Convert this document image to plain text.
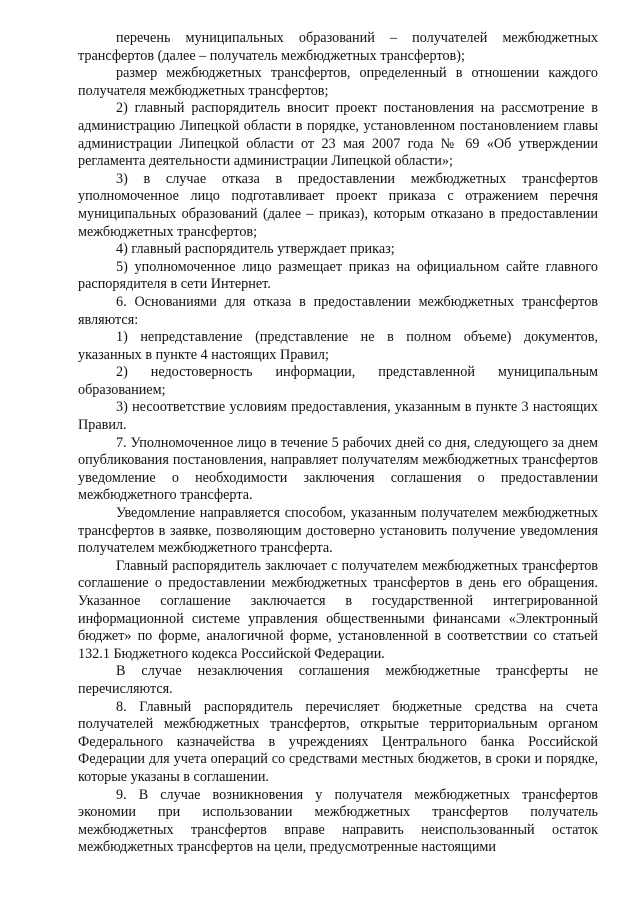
перечень муниципальных образований – получателей межбюджетных трансфертов (далее – получатель межбюджетных трансфертов);

размер межбюджетных трансфертов, определенный в отношении каждого получателя межбюджетных трансфертов;

2) главный распорядитель вносит проект постановления на рассмотрение в администрацию Липецкой области в порядке, установленном постановлением главы администрации Липецкой области от 23 мая 2007 года № 69 «Об утверждении регламента деятельности администрации Липецкой области»;

3) в случае отказа в предоставлении межбюджетных трансфертов уполномоченное лицо подготавливает проект приказа с отражением перечня муниципальных образований (далее – приказ), которым отказано в предоставлении межбюджетных трансфертов;

4) главный распорядитель утверждает приказ;

5) уполномоченное лицо размещает приказ на официальном сайте главного распорядителя в сети Интернет.

6. Основаниями для отказа в предоставлении межбюджетных трансфертов являются:

1) непредставление (представление не в полном объеме) документов, указанных в пункте 4 настоящих Правил;

2) недостоверность информации, представленной муниципальным образованием;

3) несоответствие условиям предоставления, указанным в пункте 3 настоящих Правил.

7. Уполномоченное лицо в течение 5 рабочих дней со дня, следующего за днем опубликования постановления, направляет получателям межбюджетных трансфертов уведомление о необходимости заключения соглашения о предоставлении межбюджетного трансферта.

Уведомление направляется способом, указанным получателем межбюджетных трансфертов в заявке, позволяющим достоверно установить получение уведомления получателем межбюджетного трансферта.

Главный распорядитель заключает с получателем межбюджетных трансфертов соглашение о предоставлении межбюджетных трансфертов в день его обращения. Указанное соглашение заключается в государственной интегрированной информационной системе управления общественными финансами «Электронный бюджет» по форме, аналогичной форме, установленной в соответствии со статьей 132.1 Бюджетного кодекса Российской Федерации.

В случае незаключения соглашения межбюджетные трансферты не перечисляются.

8. Главный распорядитель перечисляет бюджетные средства на счета получателей межбюджетных трансфертов, открытые территориальным органом Федерального казначейства в учреждениях Центрального банка Российской Федерации для учета операций со средствами местных бюджетов, в сроки и порядке, которые указаны в соглашении.

9. В случае возникновения у получателя межбюджетных трансфертов экономии при использовании межбюджетных трансфертов получатель межбюджетных трансфертов вправе направить неиспользованный остаток межбюджетных трансфертов на цели, предусмотренные настоящими
